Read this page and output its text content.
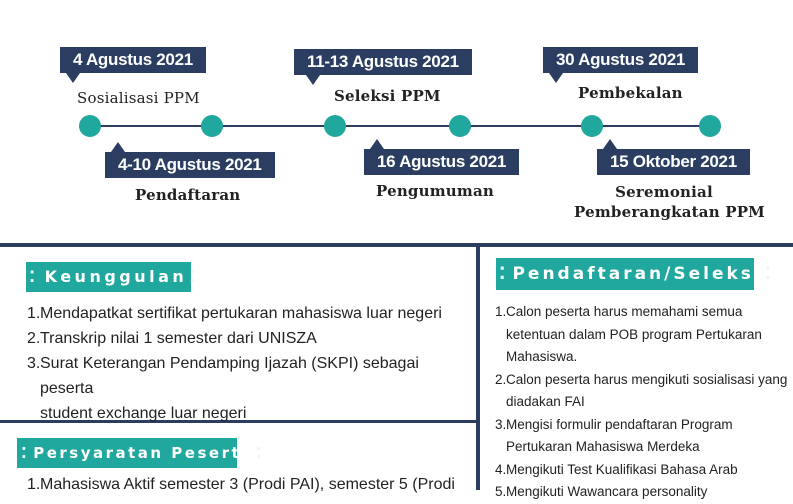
4 Agustus 2021
Sosialisasi PPM
4-10 Agustus 2021
Pendaftaran
11-13 Agustus 2021
Seleksi PPM
16 Agustus 2021
Pengumuman
30 Agustus 2021
Pembekalan
15 Oktober 2021
Seremonial
Pemberangkatan PPM
⁚ Keunggulan ⁚
1. Mendapatkat sertifikat pertukaran mahasiswa luar negeri
2. Transkrip nilai 1 semester dari UNISZA
3. Surat Keterangan Pendamping Ijazah (SKPI) sebagai peserta
student exchange luar negeri
⁚ Persyaratan Peserta ⁚
1. Mahasiswa Aktif semester 3 (Prodi PAI), semester 5 (Prodi
⁚ Pendaftaran/Seleksi ⁚
1. Calon peserta harus memahami semua
ketentuan dalam POB program Pertukaran
Mahasiswa.
2. Calon peserta harus mengikuti sosialisasi yang
diadakan FAI
3. Mengisi formulir pendaftaran Program
Pertukaran Mahasiswa Merdeka
4. Mengikuti Test Kualifikasi Bahasa Arab
5. Mengikuti Wawancara personality
